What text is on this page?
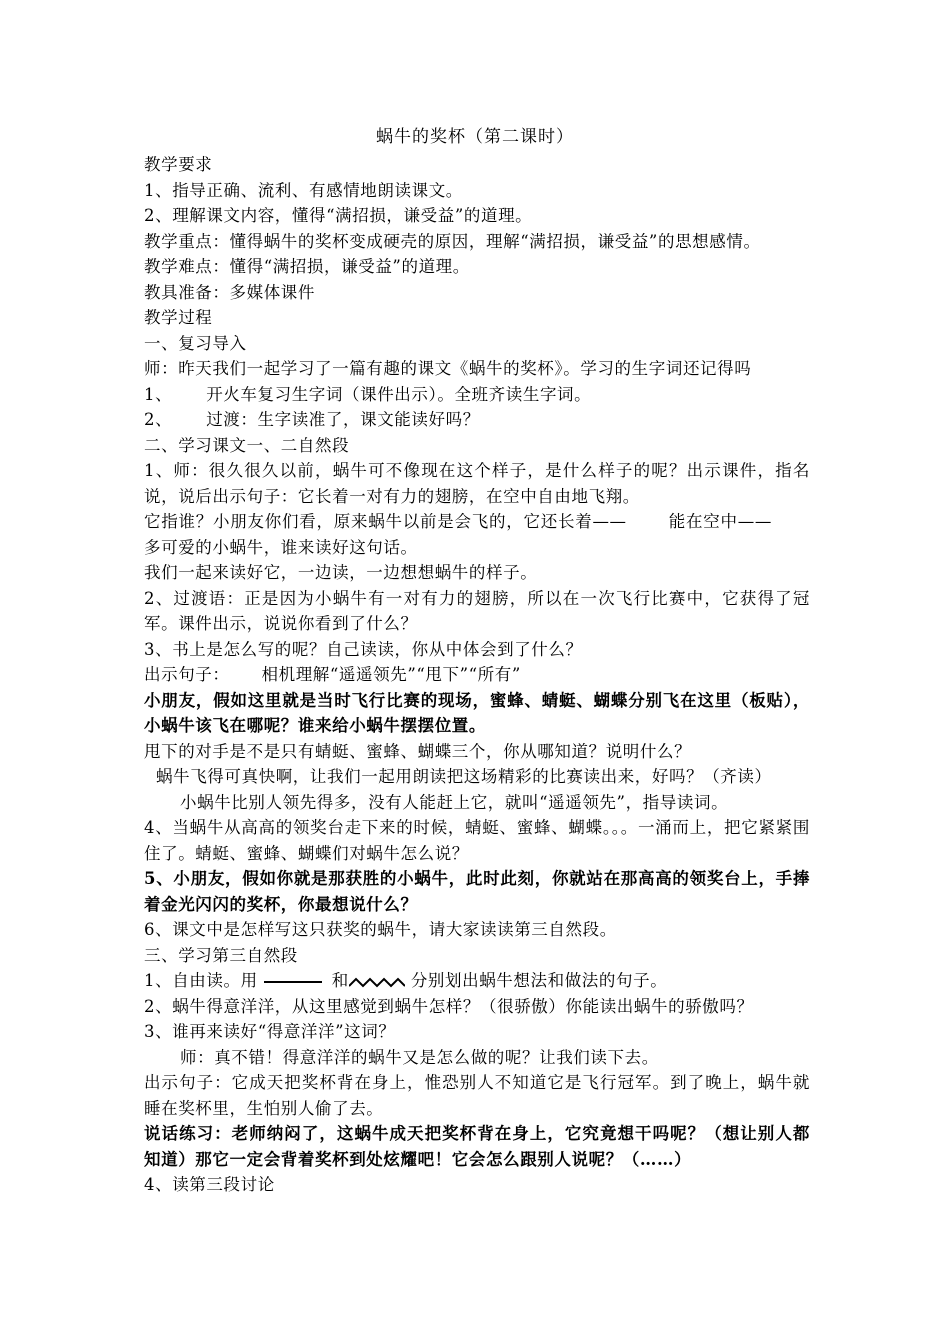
蜗牛的奖杯（第二课时）

教学要求

1、指导正确、流利、有感情地朗读课文。

2、理解课文内容，懂得“满招损，谦受益”的道理。

教学重点：懂得蜗牛的奖杯变成硬壳的原因，理解“满招损，谦受益”的思想感情。

教学难点：懂得“满招损，谦受益”的道理。

教具准备：多媒体课件

教学过程

一、复习导入

师：昨天我们一起学习了一篇有趣的课文《蜗牛的奖杯》。学习的生字词还记得吗

1、 开火车复习生字词（课件出示）。全班齐读生字词。

2、 过渡：生字读准了，课文能读好吗？

二、学习课文一、二自然段

1、师：很久很久以前，蜗牛可不像现在这个样子，是什么样子的呢？出示课件，指名说，说后出示句子：它长着一对有力的翅膀，在空中自由地飞翔。

它指谁？小朋友你们看，原来蜗牛以前是会飞的，它还长着——	能在空中——多可爱的小蜗牛，谁来读好这句话。

我们一起来读好它，一边读，一边想想蜗牛的样子。

2、过渡语：正是因为小蜗牛有一对有力的翅膀，所以在一次飞行比赛中，它获得了冠军。课件出示，说说你看到了什么？

3、书上是怎么写的呢？自己读读，你从中体会到了什么？

出示句子： 相机理解“遥遥领先”“甩下”“所有”

小朋友，假如这里就是当时飞行比赛的现场，蜜蜂、蜻蜓、蝴蝶分别飞在这里（板贴），小蜗牛该飞在哪呢？谁来给小蜗牛摆摆位置。

甩下的对手是不是只有蜻蜓、蜜蜂、蝴蝶三个，你从哪知道？说明什么？

蜗牛飞得可真快啊，让我们一起用朗读把这场精彩的比赛读出来，好吗？（齐读）

小蜗牛比别人领先得多，没有人能赶上它，就叫“遥遥领先”，指导读词。

4、当蜗牛从高高的领奖台走下来的时候，蜻蜓、蜜蜂、蝴蝶。。。一涌而上，把它紧紧围住了。蜻蜓、蜜蜂、蝴蝶们对蜗牛怎么说？

5、小朋友，假如你就是那获胜的小蜗牛，此时此刻，你就站在那高高的领奖台上，手捧着金光闪闪的奖杯，你最想说什么？

6、课文中是怎样写这只获奖的蜗牛，请大家读读第三自然段。

三、学习第三自然段

1、自由读。用	和	分别划出蜗牛想法和做法的句子。

2、蜗牛得意洋洋，从这里感觉到蜗牛怎样？（很骄傲）你能读出蜗牛的骄傲吗？

3、谁再来读好“得意洋洋”这词？

师：真不错！得意洋洋的蜗牛又是怎么做的呢？让我们读下去。

出示句子：它成天把奖杯背在身上，惟恐别人不知道它是飞行冠军。到了晚上，蜗牛就睡在奖杯里，生怕别人偷了去。

说话练习：老师纳闷了，这蜗牛成天把奖杯背在身上，它究竟想干吗呢？（想让别人都知道）那它一定会背着奖杯到处炫耀吧！它会怎么跟别人说呢？（……）

4、读第三段讨论
